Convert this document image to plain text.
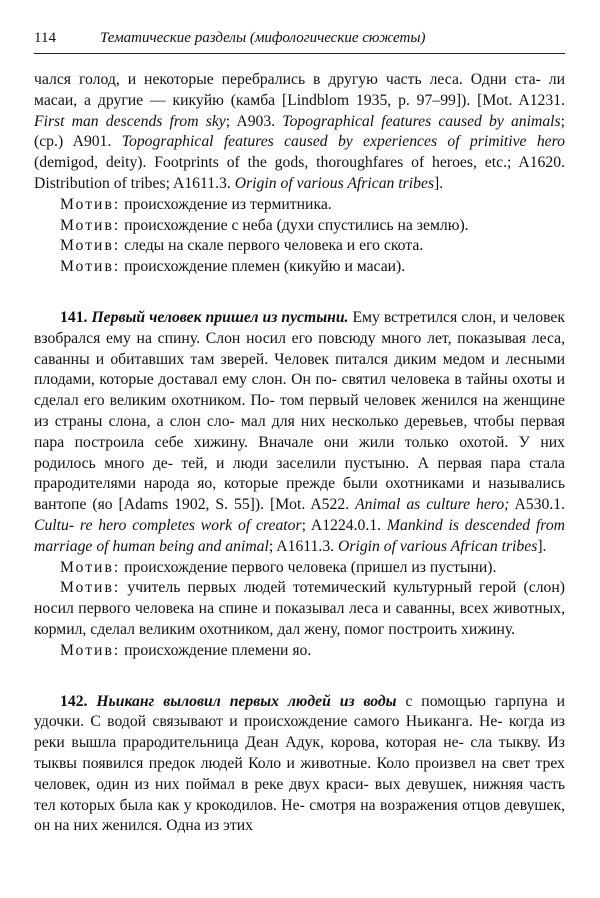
114	Тематические разделы (мифологические сюжеты)

чался голод, и некоторые перебрались в другую часть леса. Одни ста- ли масаи, а другие — кикуйю (камба [Lindblom 1935, p. 97–99]). [Mot. A1231. First man descends from sky; A903. Topographical features caused by animals; (cp.) A901. Topographical features caused by experiences of primitive hero (demigod, deity). Footprints of the gods, thoroughfares of heroes, etc.; A1620. Distribution of tribes; A1611.3. Origin of various African tribes].

Мотив: происхождение из термитника.

Мотив: происхождение с неба (духи спустились на землю).

Мотив: следы на скале первого человека и его скота.

Мотив: происхождение племен (кикуйю и масаи).

141. Первый человек пришел из пустыни. Ему встретился слон, и человек взобрался ему на спину. Слон носил его повсюду много лет, показывая леса, саванны и обитавших там зверей. Человек питался диким медом и лесными плодами, которые доставал ему слон. Он по- святил человека в тайны охоты и сделал его великим охотником. По- том первый человек женился на женщине из страны слона, а слон сло- мал для них несколько деревьев, чтобы первая пара построила себе хижину. Вначале они жили только охотой. У них родилось много де- тей, и люди заселили пустыню. А первая пара стала прародителями народа яо, которые прежде были охотниками и назывались вантопе (яо [Adams 1902, S. 55]). [Mot. A522. Animal as culture hero; A530.1. Cultu- re hero completes work of creator; A1224.0.1. Mankind is descended from marriage of human being and animal; A1611.3. Origin of various African tribes].

Мотив: происхождение первого человека (пришел из пустыни).

Мотив: учитель первых людей тотемический культурный герой (слон) носил первого человека на спине и показывал леса и саванны, всех животных, кормил, сделал великим охотником, дал жену, помог построить хижину.

Мотив: происхождение племени яо.

142. Ньиканг выловил первых людей из воды с помощью гарпуна и удочки. С водой связывают и происхождение самого Ньиканга. Не- когда из реки вышла прародительница Деан Адук, корова, которая не- сла тыкву. Из тыквы появился предок людей Коло и животные. Коло произвел на свет трех человек, один из них поймал в реке двух краси- вых девушек, нижняя часть тел которых была как у крокодилов. Не- смотря на возражения отцов девушек, он на них женился. Одна из этих
